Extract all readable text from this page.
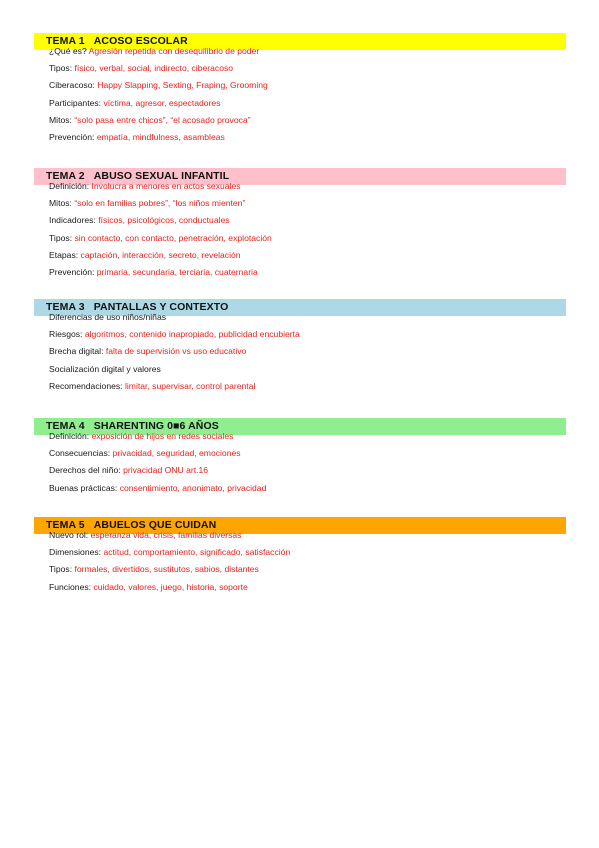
TEMA 1 ACOSO ESCOLAR
¿Qué es? Agresión repetida con desequilibrio de poder
Tipos: físico, verbal, social, indirecto, ciberacoso
Ciberacoso: Happy Slapping, Sexting, Fraping, Grooming
Participantes: víctima, agresor, espectadores
Mitos: “solo pasa entre chicos”, “el acosado provoca”
Prevención: empatía, mindfulness, asambleas
TEMA 2 ABUSO SEXUAL INFANTIL
Definición: Involucra a menores en actos sexuales
Mitos: “solo en familias pobres”, “los niños mienten”
Indicadores: físicos, psicológicos, conductuales
Tipos: sin contacto, con contacto, penetración, explotación
Etapas: captación, interacción, secreto, revelación
Prevención: primaria, secundaria, terciaria, cuaternaria
TEMA 3 PANTALLAS Y CONTEXTO
Diferencias de uso niños/niñas
Riesgos: algoritmos, contenido inapropiado, publicidad encubierta
Brecha digital: falta de supervisión vs uso educativo
Socialización digital y valores
Recomendaciones: limitar, supervisar, control parental
TEMA 4 SHARENTING 0■6 AÑOS
Definición: exposición de hijos en redes sociales
Consecuencias: privacidad, seguridad, emociones
Derechos del niño: privacidad ONU art.16
Buenas prácticas: consentimiento, anonimato, privacidad
TEMA 5 ABUELOS QUE CUIDAN
Nuevo rol: esperanza vida, crisis, familias diversas
Dimensiones: actitud, comportamiento, significado, satisfacción
Tipos: formales, divertidos, sustitutos, sabios, distantes
Funciones: cuidado, valores, juego, historia, soporte
